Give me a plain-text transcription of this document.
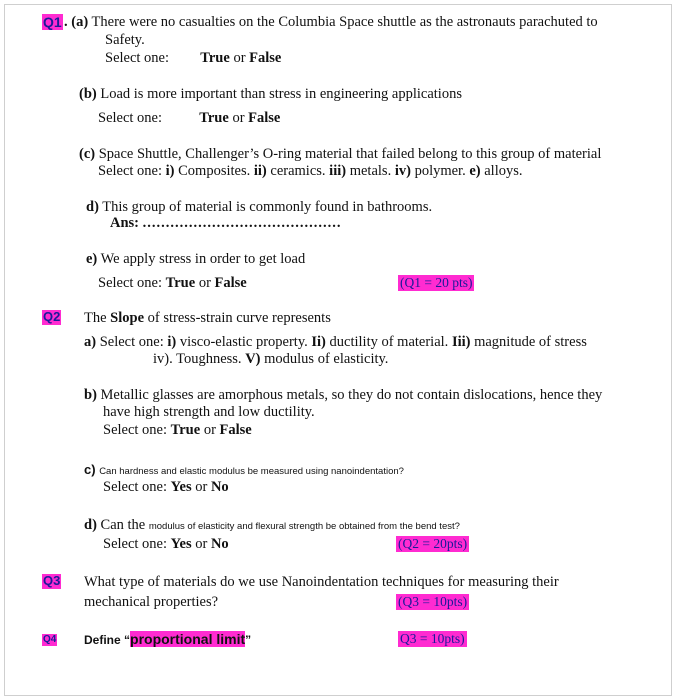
Q1 . (a) There were no casualties on the Columbia Space shuttle as the astronauts parachuted to
Safety.
Select one: True or False
(b) Load is more important than stress in engineering applications
Select one:	True or False
(c) Space Shuttle, Challenger’s O-ring material that failed belong to this group of material
Select one: i) Composites. ii) ceramics. iii) metals. iv) polymer. e) alloys.
d) This group of material is commonly found in bathrooms.
Ans: ...........................................
e) We apply stress in order to get load
Select one: True or False	(Q1 = 20 pts)
Q2 The Slope of stress-strain curve represents
a) Select one: i) visco-elastic property. Ii) ductility of material. Iii) magnitude of stress
iv). Toughness. V) modulus of elasticity.
b) Metallic glasses are amorphous metals, so they do not contain dislocations, hence they
have high strength and low ductility.
Select one: True or False
c) Can hardness and elastic modulus be measured using nanoindentation?
Select one: Yes or No
d) Can the modulus of elasticity and flexural strength be obtained from the bend test?
Select one: Yes or No	(Q2 = 20pts)
Q3 What type of materials do we use Nanoindentation techniques for measuring their
mechanical properties?	(Q3 = 10pts)
Q4 Define “proportional limit”	Q3 = 10pts)
